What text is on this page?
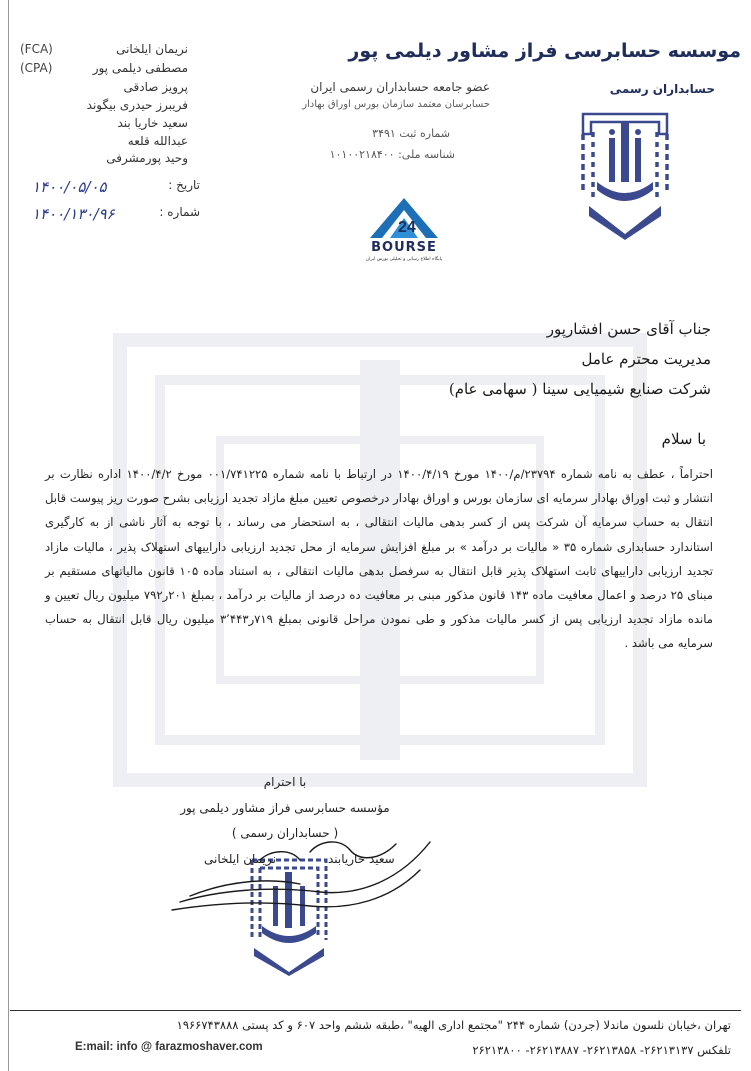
موسسه حسابرسی فراز مشاور دیلمی پور
حسابداران رسمی
عضو جامعه حسابداران رسمی ایران
حسابرسان معتمد سازمان بورس اوراق بهادار
شماره ثبت ۳۴۹۱
شناسه ملی: ۱۰۱۰۰۲۱۸۴۰۰
24
BOURSE
پایگاه اطلاع رسانی و تحلیلی بورس ایران
(FCA)	نریمان ایلخانی
(CPA)	مصطفی دیلمی پور
پرویز صادقی
فریبرز حیدری بیگوند
سعید خاریا بند
عبدالله قلعه
وحید پورمشرفی
تاریخ :
۱۴۰۰/۰۵/۰۵
شماره :
۱۴۰۰/۱۳۰/۹۶
جناب آقای حسن افشارپور
مدیریت محترم عامل
شرکت صنایع شیمیایی سینا ( سهامی عام)
با سلام
احتراماً ، عطف به نامه شماره ۲۳۷۹۴/م/۱۴۰۰ مورخ ۱۴۰۰/۴/۱۹ در ارتباط با نامه شماره ۰۰۱/۷۴۱۲۲۵ مورخ ۱۴۰۰/۴/۲ اداره نظارت بر انتشار و ثبت اوراق بهادار سرمایه ای سازمان بورس و اوراق بهادار درخصوص تعیین مبلغ مازاد تجدید ارزیابی بشرح صورت ریز پیوست قابل انتقال به حساب سرمایه آن شرکت پس از کسر بدهی مالیات انتقالی ، به استحضار می رساند ، با توجه به آثار ناشی از به کارگیری استاندارد حسابداری شماره ۳۵ « مالیات بر درآمد » بر مبلغ افزایش سرمایه از محل تجدید ارزیابی داراییهای استهلاک پذیر ، مالیات مازاد تجدید ارزیابی داراییهای ثابت استهلاک پذیر قابل انتقال به سرفصل بدهی مالیات انتقالی ، به استناد ماده ۱۰۵ قانون مالیاتهای مستقیم بر مبنای ۲۵ درصد و اعمال معافیت ماده ۱۴۳ قانون مذکور مبنی بر معافیت ده درصد از مالیات بر درآمد ، بمبلغ ۲۰۱ر۷۹۲ میلیون ریال تعیین و مانده مازاد تجدید ارزیابی پس از کسر مالیات مذکور و طی نمودن مراحل قانونی بمبلغ ۷۱۹ر۳٬۴۴۳ میلیون ریال قابل انتقال به حساب سرمایه می باشد .
با احترام
مؤسسه حسابرسی فراز مشاور دیلمی پور
( حسابداران رسمی )
سعید خاریابند
نریمان ایلخانی
تهران ،خیابان نلسون ماندلا (جردن) شماره ۲۴۴ "مجتمع اداری الهیه" ،طبقه ششم واحد ۶۰۷ و کد پستی ۱۹۶۶۷۴۳۸۸۸
تلفکس ۲۶۲۱۳۱۳۷- ۲۶۲۱۳۸۵۸- ۲۶۲۱۳۸۸۷- ۲۶۲۱۳۸۰۰
E:mail: info @ farazmoshaver.com
